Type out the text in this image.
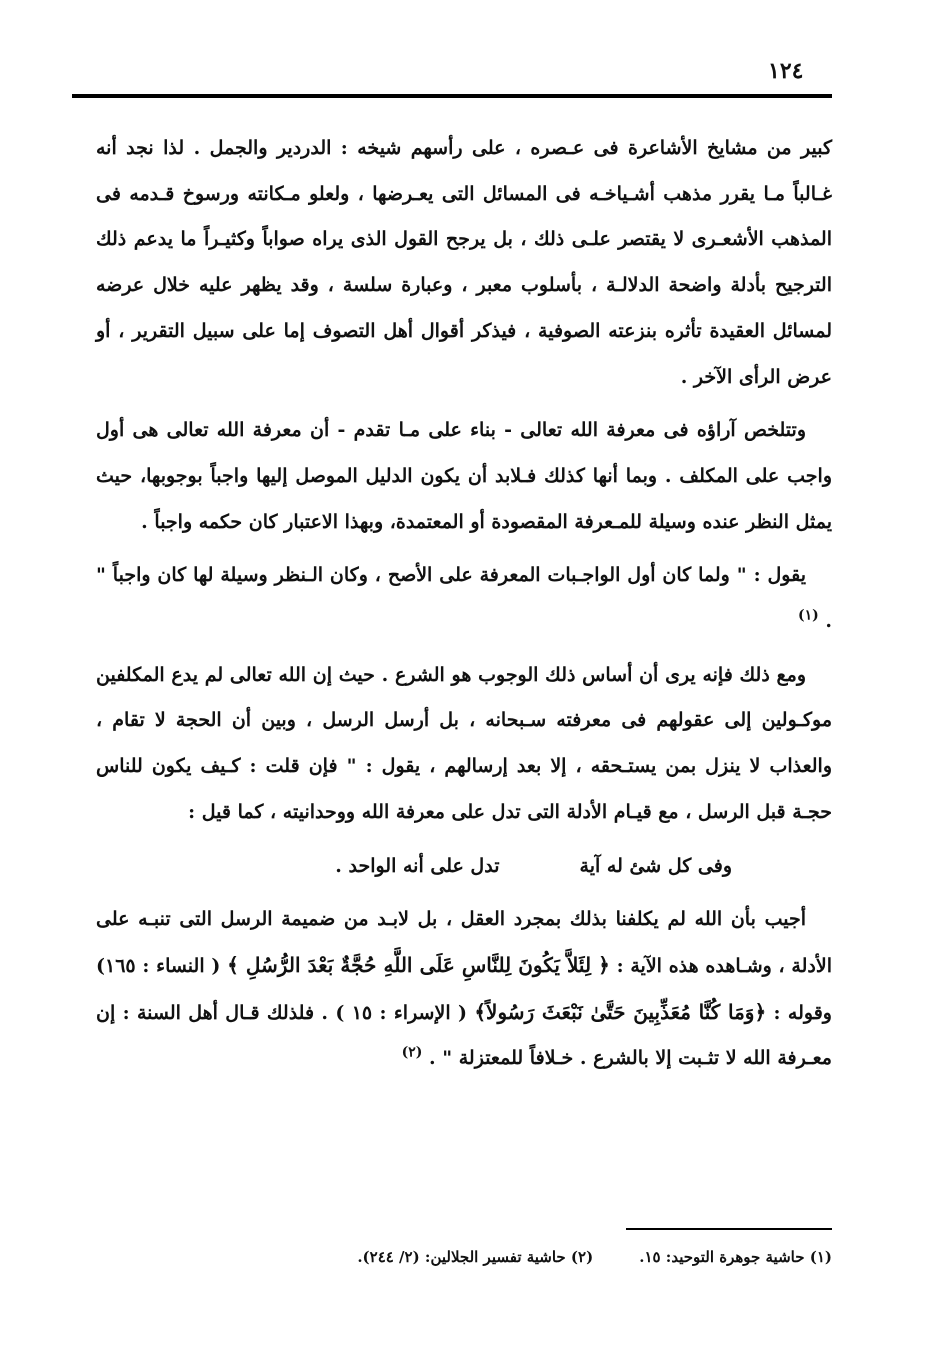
١٢٤

كبير من مشايخ الأشاعرة فى عـصره ، على رأسهم شيخه : الدردير والجمل . لذا نجد أنه غـالباً مـا يقرر مذهب أشـياخـه فى المسائل التى يعـرضها ، ولعلو مـكانته ورسوخ قـدمه فى المذهب الأشعـرى لا يقتصر علـى ذلك ، بل يرجح القول الذى يراه صواباً وكثيـراً ما يدعم ذلك الترجيح بأدلة واضحة الدلالـة ، بأسلوب معبر ، وعبارة سلسة ، وقد يظهر عليه خلال عرضه لمسائل العقيدة تأثره بنزعته الصوفية ، فيذكر أقوال أهل التصوف إما على سبيل التقرير ، أو عرض الرأى الآخر .

وتتلخص آراؤه فى معرفة الله تعالى - بناء على مـا تقدم - أن معرفة الله تعالى هى أول واجب على المكلف . وبما أنها كذلك فـلابد أن يكون الدليل الموصل إليها واجباً بوجوبها، حيث يمثل النظر عنده وسيلة للمـعرفة المقصودة أو المعتمدة، وبهذا الاعتبار كان حكمه واجباً .

يقول : " ولما كان أول الواجـبات المعرفة على الأصح ، وكان الـنظر وسيلة لها كان واجباً " . $^{(١)}$

ومع ذلك فإنه يرى أن أساس ذلك الوجوب هو الشرع . حيث إن الله تعالى لم يدع المكلفين موكـولين إلى عقولهم فى معرفته سـبحانه ، بل أرسل الرسل ، وبين أن الحجة لا تقام ، والعذاب لا ينزل بمن يستـحقه ، إلا بعد إرسالهم ، يقول : " فإن قلت : كـيف يكون للناس حجـة قبل الرسل ، مع قيـام الأدلة التى تدل على معرفة الله ووحدانيته ، كما قيل :

وفى كل شئ له آية
تدل على أنه الواحد .

أجيب بأن الله لم يكلفنا بذلك بمجرد العقل ، بل لابـد من ضميمة الرسل التى تنبـه على الأدلة ، وشـاهده هذه الآية : ﴿ لِئَلاَّ يَكُونَ لِلنَّاسِ عَلَى اللَّهِ حُجَّةٌ بَعْدَ الرُّسُلِ ﴾ ( النساء : ١٦٥) وقوله : ﴿وَمَا كُنَّا مُعَذِّبِينَ حَتَّىٰ نَبْعَثَ رَسُولاً﴾ ( الإسراء : ١٥ ) . فلذلك قـال أهل السنة : إن معـرفة الله لا تثـبت إلا بالشرع . خـلافاً للمعتزلة " . $^{(٢)}$

(١) حاشية جوهرة التوحيد: ١٥.
(٢) حاشية تفسير الجلالين: (٢/ ٢٤٤).
